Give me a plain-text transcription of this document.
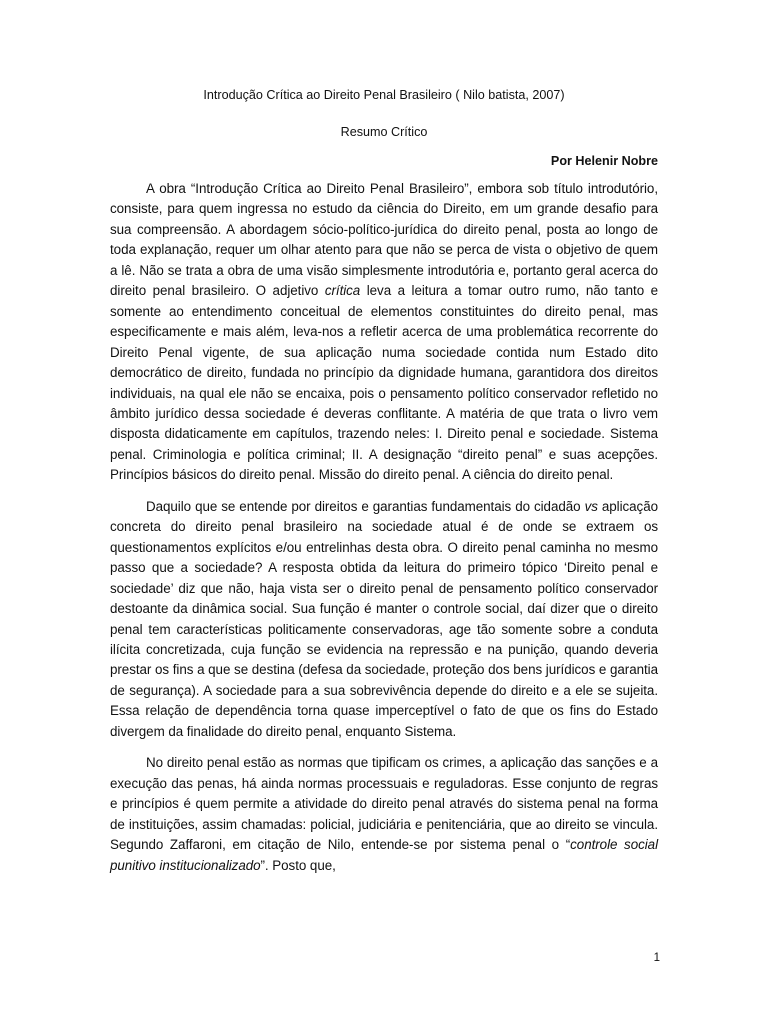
Introdução Crítica ao Direito Penal Brasileiro ( Nilo batista, 2007)
Resumo Crítico
Por Helenir Nobre

A obra “Introdução Crítica ao Direito Penal Brasileiro”, embora sob título introdutório, consiste, para quem ingressa no estudo da ciência do Direito, em um grande desafio para sua compreensão. A abordagem sócio-político-jurídica do direito penal, posta ao longo de toda explanação, requer um olhar atento para que não se perca de vista o objetivo de quem a lê. Não se trata a obra de uma visão simplesmente introdutória e, portanto geral acerca do direito penal brasileiro. O adjetivo crítica leva a leitura a tomar outro rumo, não tanto e somente ao entendimento conceitual de elementos constituintes do direito penal, mas especificamente e mais além, leva-nos a refletir acerca de uma problemática recorrente do Direito Penal vigente, de sua aplicação numa sociedade contida num Estado dito democrático de direito, fundada no princípio da dignidade humana, garantidora dos direitos individuais, na qual ele não se encaixa, pois o pensamento político conservador refletido no âmbito jurídico dessa sociedade é deveras conflitante. A matéria de que trata o livro vem disposta didaticamente em capítulos, trazendo neles: I. Direito penal e sociedade. Sistema penal. Criminologia e política criminal; II. A designação “direito penal” e suas acepções. Princípios básicos do direito penal. Missão do direito penal. A ciência do direito penal.

Daquilo que se entende por direitos e garantias fundamentais do cidadão vs aplicação concreta do direito penal brasileiro na sociedade atual é de onde se extraem os questionamentos explícitos e/ou entrelinhas desta obra. O direito penal caminha no mesmo passo que a sociedade? A resposta obtida da leitura do primeiro tópico ‘Direito penal e sociedade’ diz que não, haja vista ser o direito penal de pensamento político conservador destoante da dinâmica social. Sua função é manter o controle social, daí dizer que o direito penal tem características politicamente conservadoras, age tão somente sobre a conduta ilícita concretizada, cuja função se evidencia na repressão e na punição, quando deveria prestar os fins a que se destina (defesa da sociedade, proteção dos bens jurídicos e garantia de segurança). A sociedade para a sua sobrevivência depende do direito e a ele se sujeita. Essa relação de dependência torna quase imperceptível o fato de que os fins do Estado divergem da finalidade do direito penal, enquanto Sistema.

No direito penal estão as normas que tipificam os crimes, a aplicação das sanções e a execução das penas, há ainda normas processuais e reguladoras. Esse conjunto de regras e princípios é quem permite a atividade do direito penal através do sistema penal na forma de instituições, assim chamadas: policial, judiciária e penitenciária, que ao direito se vincula. Segundo Zaffaroni, em citação de Nilo, entende-se por sistema penal o “controle social punitivo institucionalizado”. Posto que,

1
